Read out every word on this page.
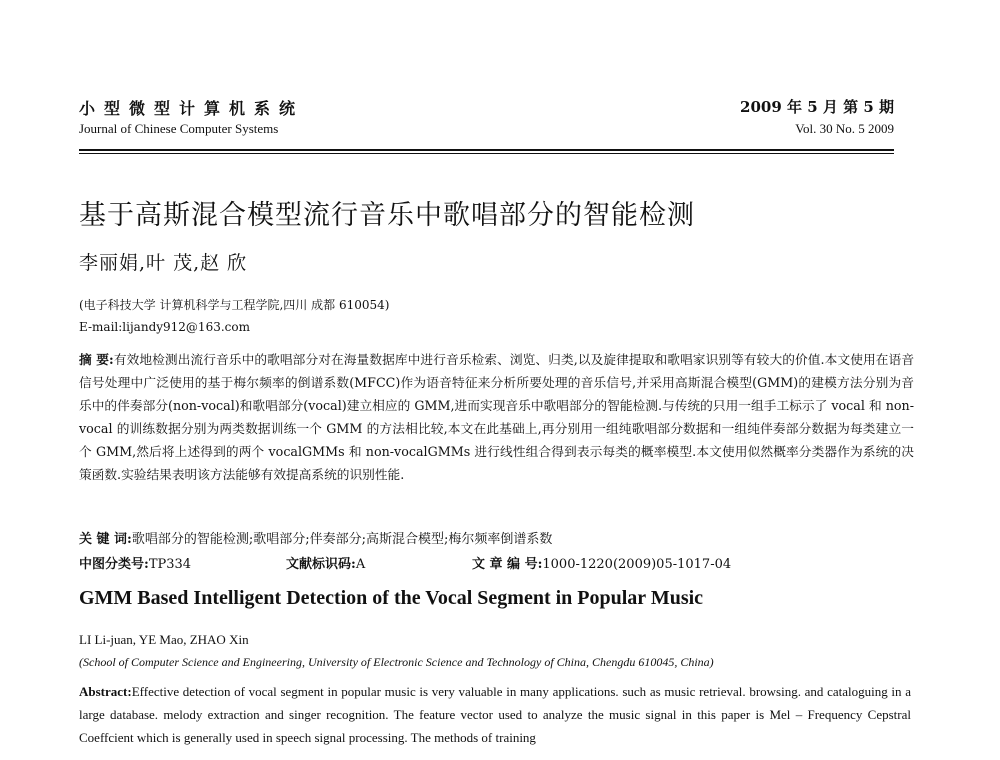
小型微型计算机系统
Journal of Chinese Computer Systems
2009 年 5 月 第 5 期
Vol. 30 No. 5 2009
基于高斯混合模型流行音乐中歌唱部分的智能检测
李丽娟,叶 茂,赵 欣
(电子科技大学 计算机科学与工程学院,四川 成都 610054)
E-mail:lijandy912@163.com
摘 要:有效地检测出流行音乐中的歌唱部分对在海量数据库中进行音乐检索、浏览、归类,以及旋律提取和歌唱家识别等有较大的价值.本文使用在语音信号处理中广泛使用的基于梅尔频率的倒谱系数(MFCC)作为语音特征来分析所要处理的音乐信号,并采用高斯混合模型(GMM)的建模方法分别为音乐中的伴奏部分(non-vocal)和歌唱部分(vocal)建立相应的 GMM,进而实现音乐中歌唱部分的智能检测.与传统的只用一组手工标示了 vocal 和 non-vocal 的训练数据分别为两类数据训练一个 GMM 的方法相比较,本文在此基础上,再分别用一组纯歌唱部分数据和一组纯伴奏部分数据为每类建立一个 GMM,然后将上述得到的两个 vocalGMMs 和 non-vocalGMMs 进行线性组合得到表示每类的概率模型.本文使用似然概率分类器作为系统的决策函数.实验结果表明该方法能够有效提高系统的识别性能.
关 键 词:歌唱部分的智能检测;歌唱部分;伴奏部分;高斯混合模型;梅尔频率倒谱系数
中图分类号:TP334	文献标识码:A	文 章 编 号:1000-1220(2009)05-1017-04
GMM Based Intelligent Detection of the Vocal Segment in Popular Music
LI Li-juan, YE Mao, ZHAO Xin
(School of Computer Science and Engineering, University of Electronic Science and Technology of China, Chengdu 610045, China)
Abstract:Effective detection of vocal segment in popular music is very valuable in many applications. such as music retrieval. browsing. and cataloguing in a large database. melody extraction and singer recognition. The feature vector used to analyze the music signal in this paper is Mel – Frequency Cepstral Coeffcient which is generally used in speech signal processing. The methods of training
